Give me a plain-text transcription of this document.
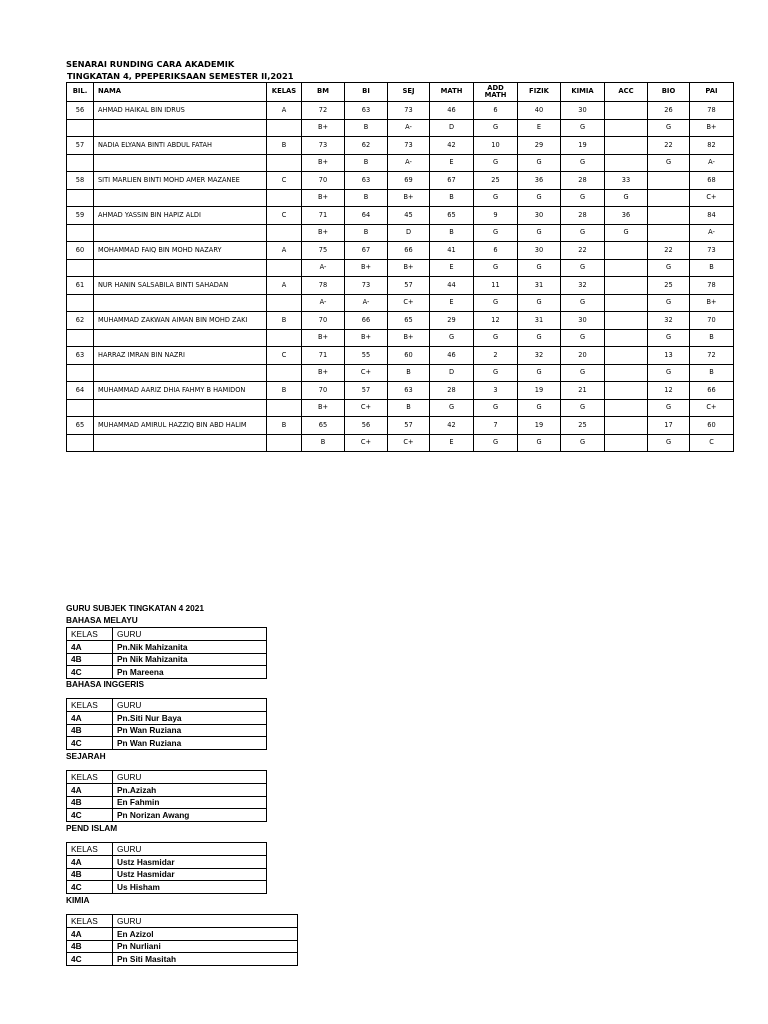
SENARAI RUNDING CARA AKADEMIK
TINGKATAN 4, PPEPERIKSAAN SEMESTER II,2021
BIL.	NAMA	KELAS	BM	BI	SEJ	MATH	ADD MATH	FIZIK	KIMIA	ACC	BIO	PAI
56	AHMAD HAIKAL BIN IDRUS	A	72	63	73	46	6	40	30		26	78
			B+	B	A-	D	G	E	G		G	B+
57	NADIA ELYANA BINTI ABDUL FATAH	B	73	62	73	42	10	29	19		22	82
			B+	B	A-	E	G	G	G		G	A-
58	SITI MARLIEN BINTI MOHD AMER MAZANEE	C	70	63	69	67	25	36	28	33		68
			B+	B	B+	B	G	G	G	G		C+
59	AHMAD YASSIN BIN HAPIZ ALDI	C	71	64	45	65	9	30	28	36		84
			B+	B	D	B	G	G	G	G		A-
60	MOHAMMAD FAIQ BIN MOHD NAZARY	A	75	67	66	41	6	30	22		22	73
			A-	B+	B+	E	G	G	G		G	B
61	NUR HANIN SALSABILA BINTI SAHADAN	A	78	73	57	44	11	31	32		25	78
			A-	A-	C+	E	G	G	G		G	B+
62	MUHAMMAD ZAKWAN AIMAN BIN MOHD ZAKI	B	70	66	65	29	12	31	30		32	70
			B+	B+	B+	G	G	G	G		G	B
63	HARRAZ IMRAN BIN NAZRI	C	71	55	60	46	2	32	20		13	72
			B+	C+	B	D	G	G	G		G	B
64	MUHAMMAD AARIZ DHIA FAHMY B HAMIDON	B	70	57	63	28	3	19	21		12	66
			B+	C+	B	G	G	G	G		G	C+
65	MUHAMMAD AMIRUL HAZZIQ BIN ABD HALIM	B	65	56	57	42	7	19	25		17	60
			B	C+	C+	E	G	G	G		G	C
GURU SUBJEK TINGKATAN 4 2021
BAHASA MELAYU
KELAS	GURU
4A	Pn.Nik Mahizanita
4B	Pn Nik Mahizanita
4C	Pn Mareena
BAHASA INGGERIS
KELAS	GURU
4A	Pn.Siti Nur Baya
4B	Pn Wan Ruziana
4C	Pn Wan Ruziana
SEJARAH
KELAS	GURU
4A	Pn.Azizah
4B	En Fahmin
4C	Pn Norizan Awang
PEND ISLAM
KELAS	GURU
4A	Ustz Hasmidar
4B	Ustz Hasmidar
4C	Us Hisham
KIMIA
KELAS	GURU
4A	En Azizol
4B	Pn Nurliani
4C	Pn Siti Masitah
